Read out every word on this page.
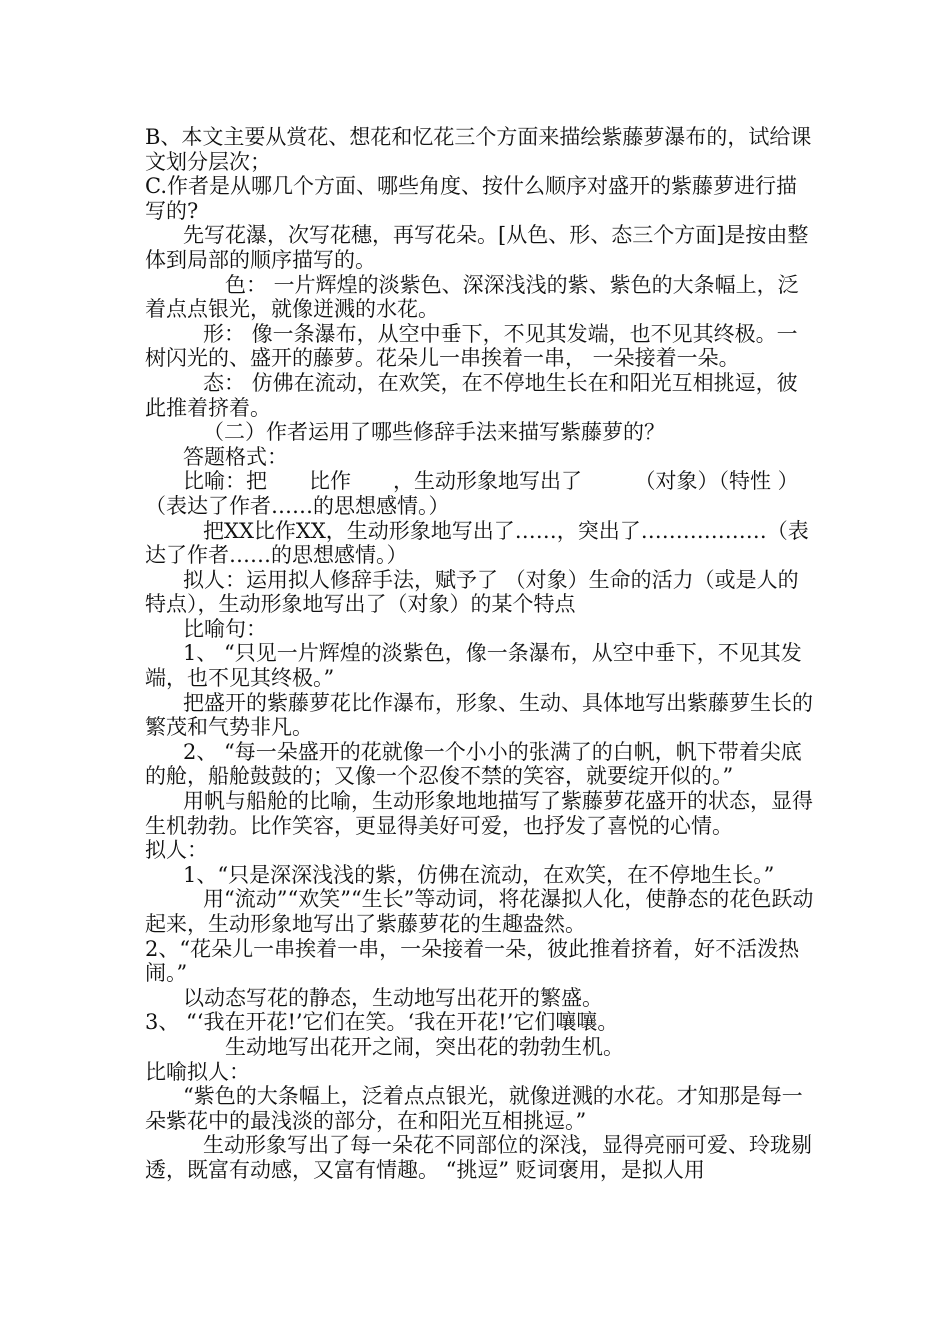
B、本文主要从赏花、想花和忆花三个方面来描绘紫藤萝瀑布的，试给课文划分层次；

C.作者是从哪几个方面、哪些角度、按什么顺序对盛开的紫藤萝进行描写的?

先写花瀑，次写花穗，再写花朵。[从色、形、态三个方面]是按由整体到局部的顺序描写的。

色： 一片辉煌的淡紫色、深深浅浅的紫、紫色的大条幅上，泛着点点银光，就像迸溅的水花。

形： 像一条瀑布，从空中垂下，不见其发端，也不见其终极。一树闪光的、盛开的藤萝。花朵儿一串挨着一串， 一朵接着一朵。

态： 仿佛在流动，在欢笑，在不停地生长在和阳光互相挑逗，彼此推着挤着。

（二）作者运用了哪些修辞手法来描写紫藤萝的？

答题格式：

比喻：把　　比作　　，生动形象地写出了　　　（对象）（特性 ）（表达了作者……的思想感情。）

把XX比作XX，生动形象地写出了……，突出了………………（表达了作者……的思想感情。）

拟人：运用拟人修辞手法，赋予了 （对象）生命的活力（或是人的特点），生动形象地写出了（对象）的某个特点

比喻句：

1、 “只见一片辉煌的淡紫色，像一条瀑布，从空中垂下，不见其发端，也不见其终极。”

把盛开的紫藤萝花比作瀑布，形象、生动、具体地写出紫藤萝生长的繁茂和气势非凡。

2、 “每一朵盛开的花就像一个小小的张满了的白帆，帆下带着尖底的舱，船舱鼓鼓的；又像一个忍俊不禁的笑容，就要绽开似的。”

用帆与船舱的比喻，生动形象地地描写了紫藤萝花盛开的状态，显得生机勃勃。比作笑容，更显得美好可爱，也抒发了喜悦的心情。

拟人：

1、“只是深深浅浅的紫，仿佛在流动，在欢笑，在不停地生长。”

用“流动”“欢笑”“生长”等动词，将花瀑拟人化，使静态的花色跃动起来，生动形象地写出了紫藤萝花的生趣盎然。

2、“花朵儿一串挨着一串，一朵接着一朵，彼此推着挤着，好不活泼热闹。”

以动态写花的静态，生动地写出花开的繁盛。

3、 “‘我在开花!’它们在笑。‘我在开花!’它们嚷嚷。

生动地写出花开之闹，突出花的勃勃生机。

比喻拟人：

“紫色的大条幅上，泛着点点银光，就像迸溅的水花。才知那是每一朵紫花中的最浅淡的部分，在和阳光互相挑逗。”

生动形象写出了每一朵花不同部位的深浅，显得亮丽可爱、玲珑剔透，既富有动感，又富有情趣。 “挑逗” 贬词褒用，是拟人用
